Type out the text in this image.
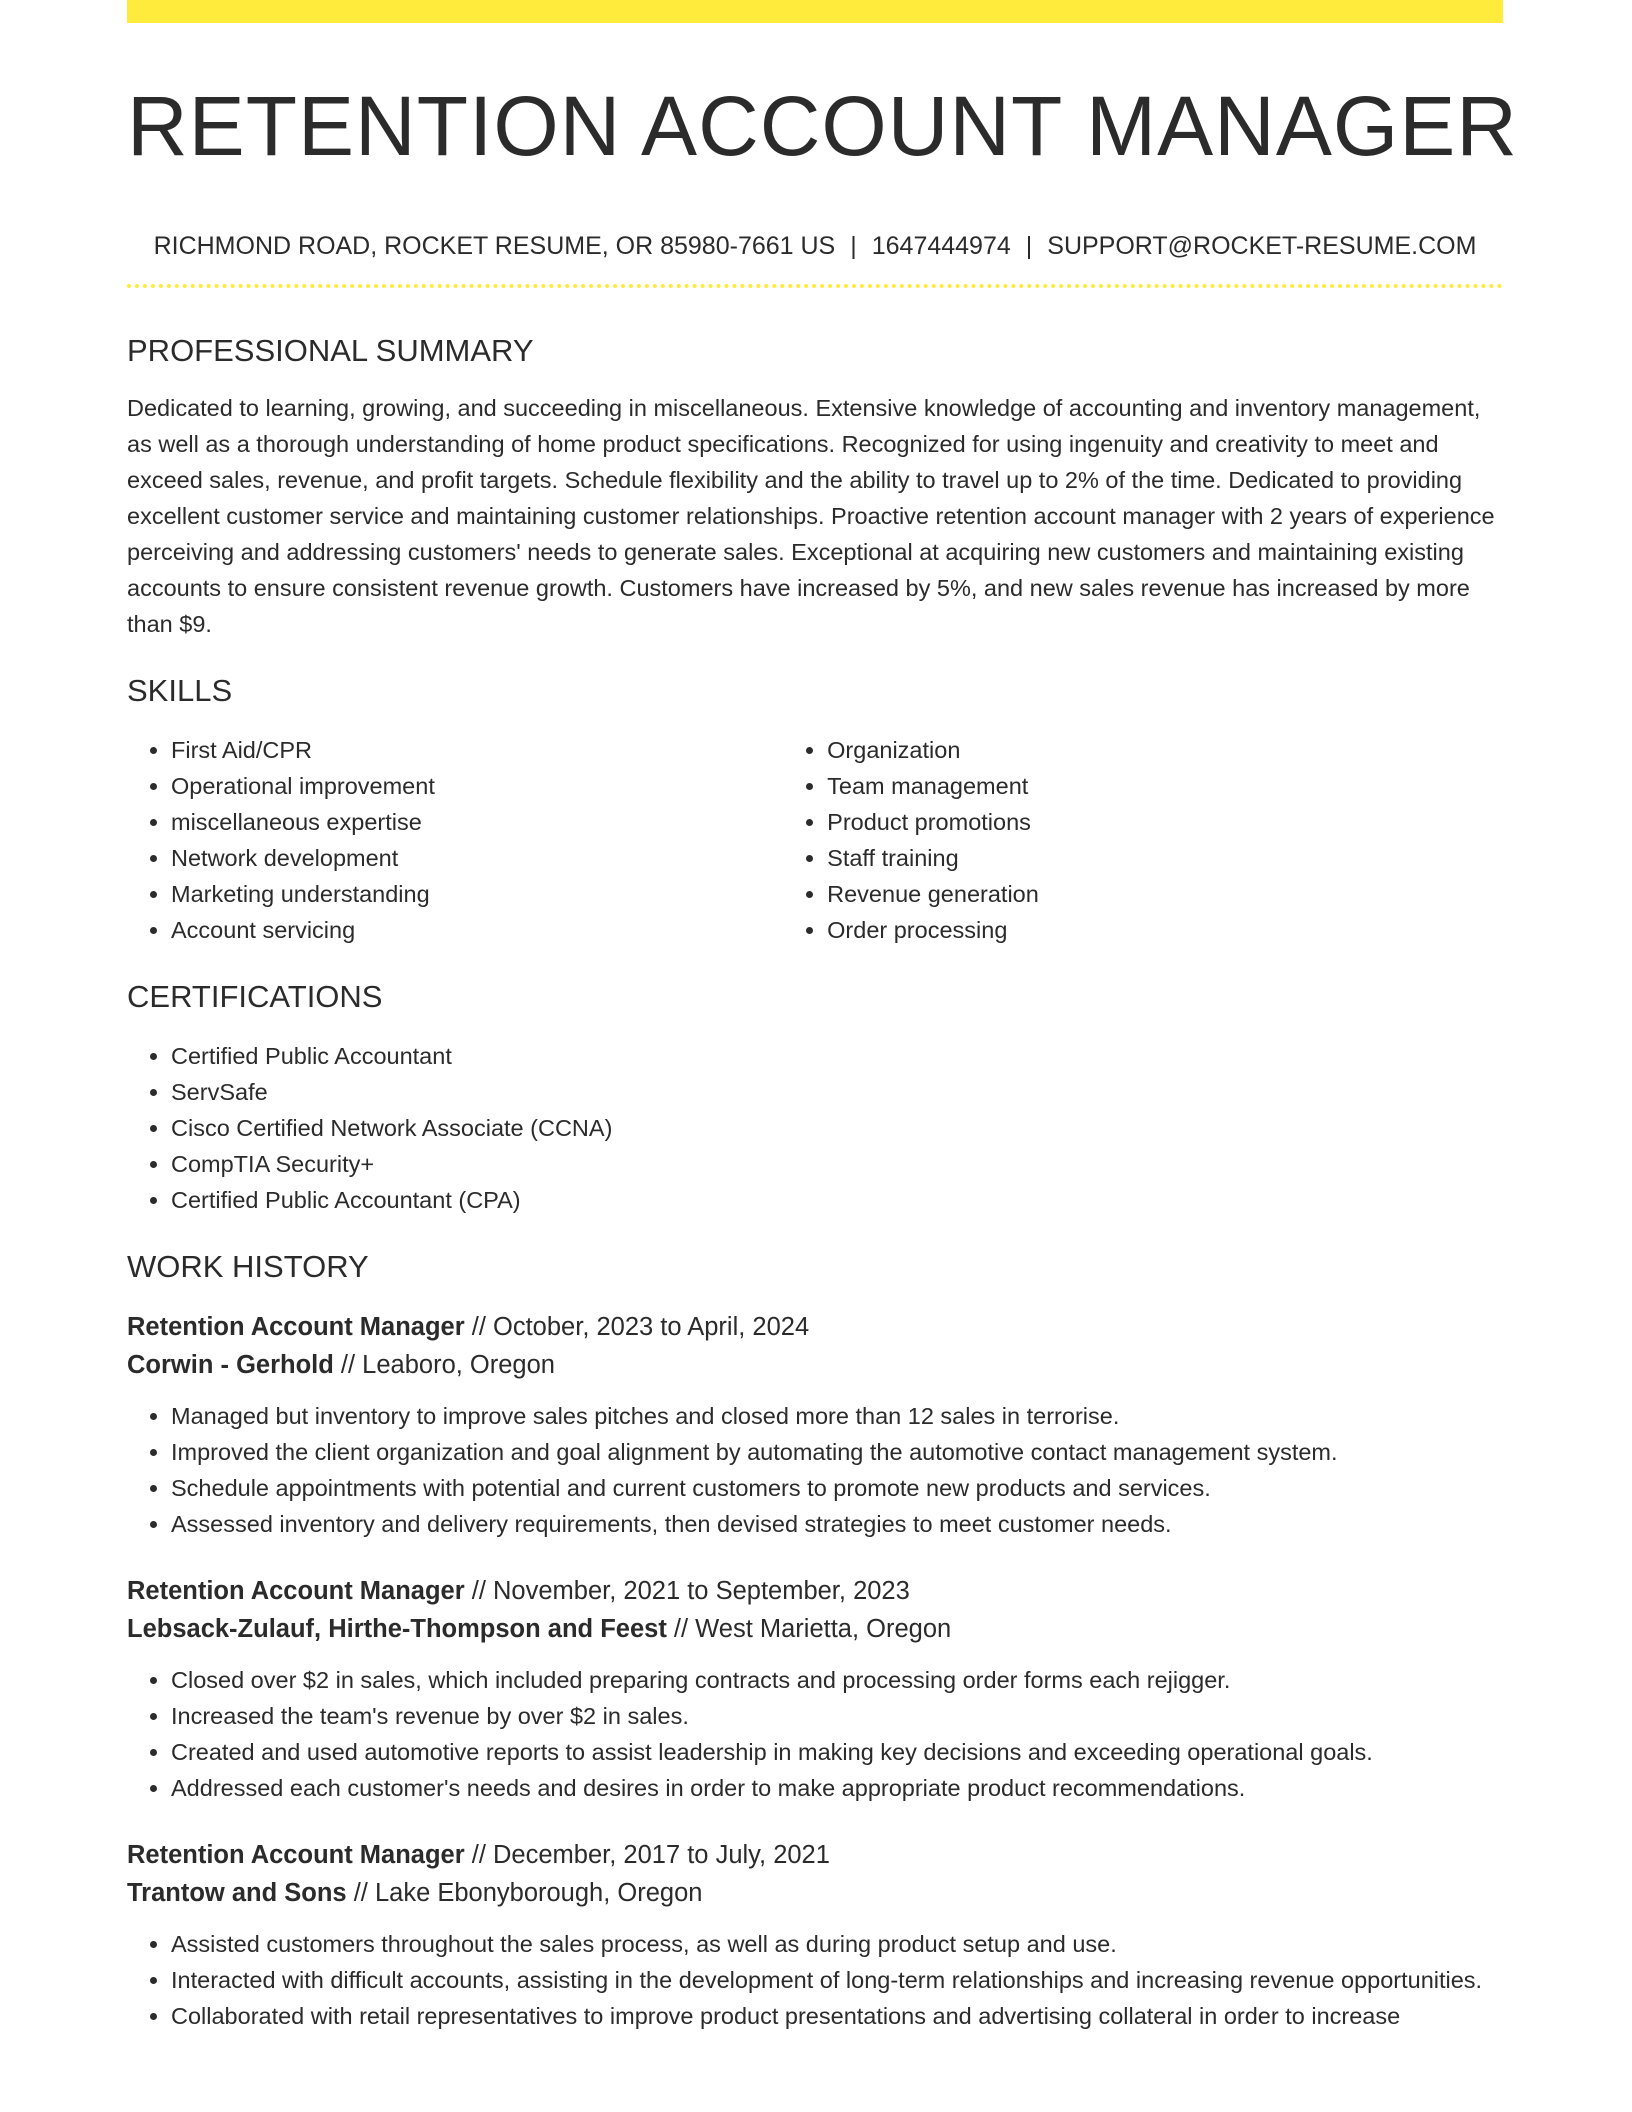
RETENTION ACCOUNT MANAGER
RICHMOND ROAD, ROCKET RESUME, OR 85980-7661 US | 1647444974 | SUPPORT@ROCKET-RESUME.COM
PROFESSIONAL SUMMARY

Dedicated to learning, growing, and succeeding in miscellaneous. Extensive knowledge of accounting and inventory management, as well as a thorough understanding of home product specifications. Recognized for using ingenuity and creativity to meet and exceed sales, revenue, and profit targets. Schedule flexibility and the ability to travel up to 2% of the time. Dedicated to providing excellent customer service and maintaining customer relationships. Proactive retention account manager with 2 years of experience perceiving and addressing customers' needs to generate sales. Exceptional at acquiring new customers and maintaining existing accounts to ensure consistent revenue growth. Customers have increased by 5%, and new sales revenue has increased by more than $9.

SKILLS
• First Aid/CPR
• Operational improvement
• miscellaneous expertise
• Network development
• Marketing understanding
• Account servicing
• Organization
• Team management
• Product promotions
• Staff training
• Revenue generation
• Order processing
CERTIFICATIONS
• Certified Public Accountant
• ServSafe
• Cisco Certified Network Associate (CCNA)
• CompTIA Security+
• Certified Public Accountant (CPA)
WORK HISTORY
Retention Account Manager // October, 2023 to April, 2024
Corwin - Gerhold // Leaboro, Oregon
• Managed but inventory to improve sales pitches and closed more than 12 sales in terrorise.
• Improved the client organization and goal alignment by automating the automotive contact management system.
• Schedule appointments with potential and current customers to promote new products and services.
• Assessed inventory and delivery requirements, then devised strategies to meet customer needs.
Retention Account Manager // November, 2021 to September, 2023
Lebsack-Zulauf, Hirthe-Thompson and Feest // West Marietta, Oregon
• Closed over $2 in sales, which included preparing contracts and processing order forms each rejigger.
• Increased the team's revenue by over $2 in sales.
• Created and used automotive reports to assist leadership in making key decisions and exceeding operational goals.
• Addressed each customer's needs and desires in order to make appropriate product recommendations.
Retention Account Manager // December, 2017 to July, 2021
Trantow and Sons // Lake Ebonyborough, Oregon
• Assisted customers throughout the sales process, as well as during product setup and use.
• Interacted with difficult accounts, assisting in the development of long-term relationships and increasing revenue opportunities.
• Collaborated with retail representatives to improve product presentations and advertising collateral in order to increase
